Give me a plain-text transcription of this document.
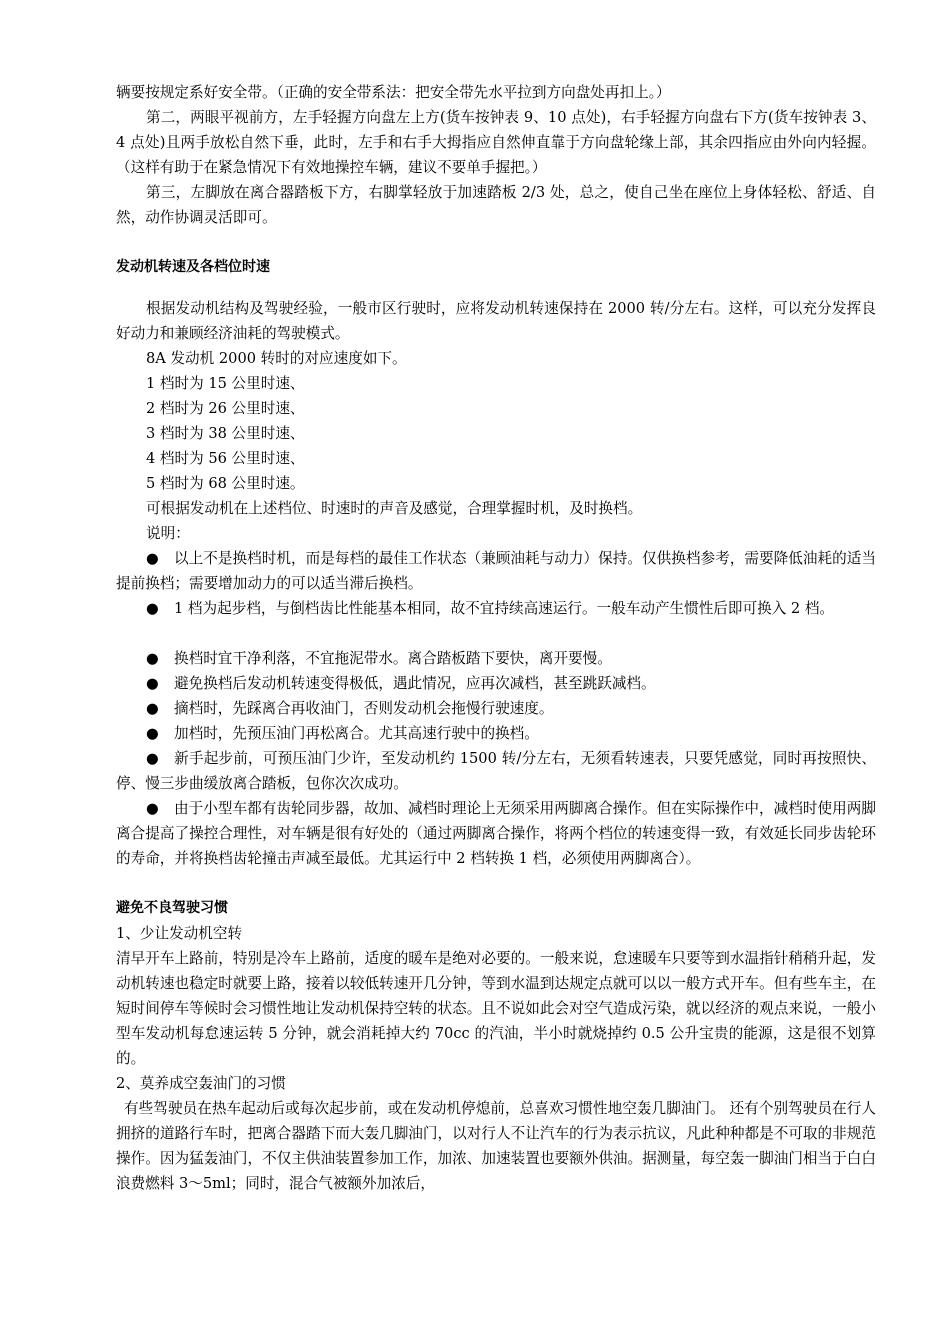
辆要按规定系好安全带。（正确的安全带系法：把安全带先水平拉到方向盘处再扣上。）

第二，两眼平视前方，左手轻握方向盘左上方(货车按钟表 9、10 点处)，右手轻握方向盘右下方(货车按钟表 3、4 点处)且两手放松自然下垂，此时，左手和右手大拇指应自然伸直靠于方向盘轮缘上部，其余四指应由外向内轻握。（这样有助于在紧急情况下有效地操控车辆，建议不要单手握把。）

第三，左脚放在离合器踏板下方，右脚掌轻放于加速踏板 2/3 处，总之，使自己坐在座位上身体轻松、舒适、自然，动作协调灵活即可。

发动机转速及各档位时速

根据发动机结构及驾驶经验，一般市区行驶时，应将发动机转速保持在 2000 转/分左右。这样，可以充分发挥良好动力和兼顾经济油耗的驾驶模式。

8A 发动机 2000 转时的对应速度如下。

1 档时为 15 公里时速、

2 档时为 26 公里时速、

3 档时为 38 公里时速、

4 档时为 56 公里时速、

5 档时为 68 公里时速。

可根据发动机在上述档位、时速时的声音及感觉，合理掌握时机，及时换档。

说明：

● 以上不是换档时机，而是每档的最佳工作状态（兼顾油耗与动力）保持。仅供换档参考，需要降低油耗的适当提前换档；需要增加动力的可以适当滞后换档。

● 1 档为起步档，与倒档齿比性能基本相同，故不宜持续高速运行。一般车动产生惯性后即可换入 2 档。

● 换档时宜干净利落，不宜拖泥带水。离合踏板踏下要快，离开要慢。

● 避免换档后发动机转速变得极低，遇此情况，应再次减档，甚至跳跃减档。

● 摘档时，先踩离合再收油门，否则发动机会拖慢行驶速度。

● 加档时，先预压油门再松离合。尤其高速行驶中的换档。

● 新手起步前，可预压油门少许，至发动机约 1500 转/分左右，无须看转速表，只要凭感觉，同时再按照快、停、慢三步曲缓放离合踏板，包你次次成功。

● 由于小型车都有齿轮同步器，故加、减档时理论上无须采用两脚离合操作。但在实际操作中，减档时使用两脚离合提高了操控合理性，对车辆是很有好处的（通过两脚离合操作，将两个档位的转速变得一致，有效延长同步齿轮环的寿命，并将换档齿轮撞击声减至最低。尤其运行中 2 档转换 1 档，必须使用两脚离合）。

避免不良驾驶习惯

1、少让发动机空转

清早开车上路前，特别是冷车上路前，适度的暖车是绝对必要的。一般来说，怠速暖车只要等到水温指针稍稍升起，发动机转速也稳定时就要上路，接着以较低转速开几分钟，等到水温到达规定点就可以以一般方式开车。但有些车主，在短时间停车等候时会习惯性地让发动机保持空转的状态。且不说如此会对空气造成污染，就以经济的观点来说，一般小型车发动机每怠速运转 5 分钟，就会消耗掉大约 70cc 的汽油，半小时就烧掉约 0.5 公升宝贵的能源，这是很不划算的。

2、莫养成空轰油门的习惯

有些驾驶员在热车起动后或每次起步前，或在发动机停熄前，总喜欢习惯性地空轰几脚油门。 还有个别驾驶员在行人拥挤的道路行车时，把离合器踏下而大轰几脚油门，以对行人不让汽车的行为表示抗议，凡此种种都是不可取的非规范操作。因为猛轰油门，不仅主供油装置参加工作，加浓、加速装置也要额外供油。据测量，每空轰一脚油门相当于白白浪费燃料 3～5ml；同时，混合气被额外加浓后，
